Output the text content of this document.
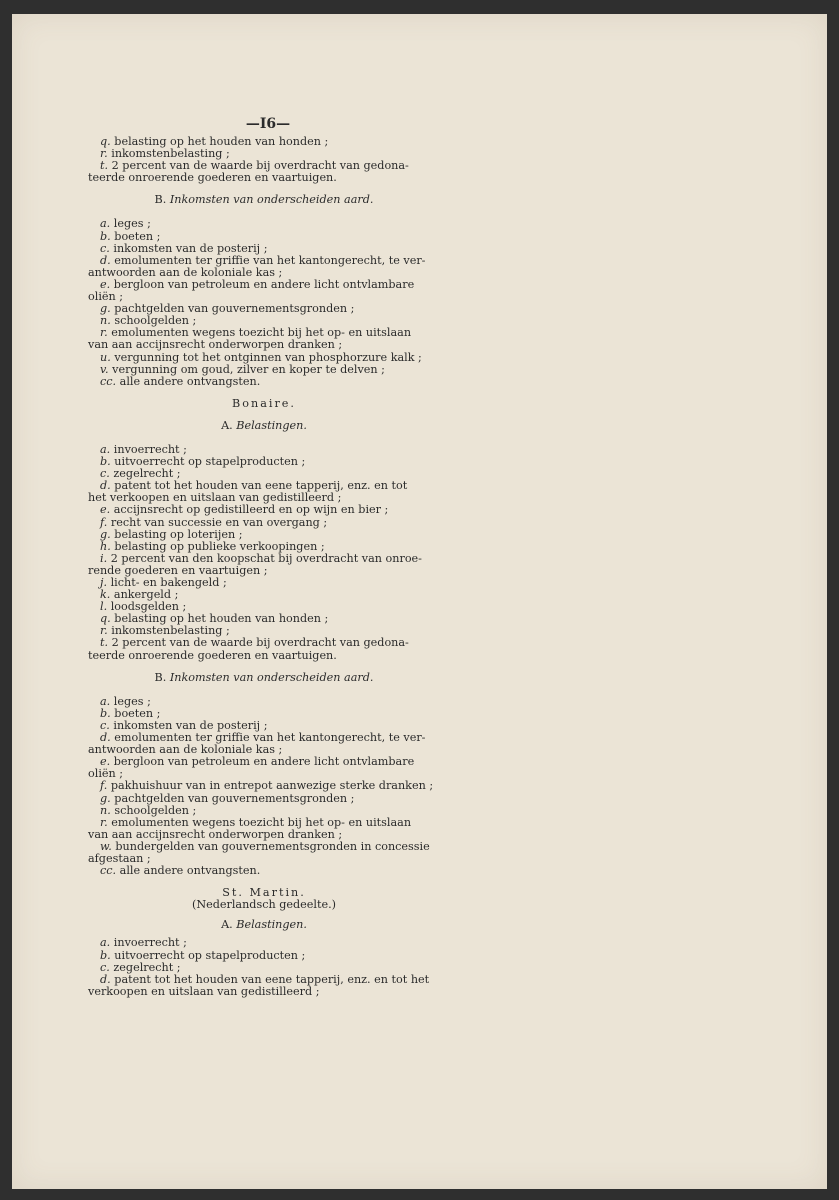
—I6—
q. belasting op het houden van honden ;
r. inkomstenbelasting ;
t. 2 percent van de waarde bij overdracht van gedona-
teerde onroerende goederen en vaartuigen.
B. Inkomsten van onderscheiden aard.
a. leges ;
b. boeten ;
c. inkomsten van de posterij ;
d. emolumenten ter griffie van het kantongerecht, te ver-
antwoorden aan de koloniale kas ;
e. bergloon van petroleum en andere licht ontvlambare
oliën ;
g. pachtgelden van gouvernementsgronden ;
n. schoolgelden ;
r. emolumenten wegens toezicht bij het op- en uitslaan
van aan accijnsrecht onderworpen dranken ;
u. vergunning tot het ontginnen van phosphorzure kalk ;
v. vergunning om goud, zilver en koper te delven ;
cc. alle andere ontvangsten.
Bonaire.
A. Belastingen.
a. invoerrecht ;
b. uitvoerrecht op stapelproducten ;
c. zegelrecht ;
d. patent tot het houden van eene tapperij, enz. en tot
het verkoopen en uitslaan van gedistilleerd ;
e. accijnsrecht op gedistilleerd en op wijn en bier ;
f. recht van successie en van overgang ;
g. belasting op loterijen ;
h. belasting op publieke verkoopingen ;
i. 2 percent van den koopschat bij overdracht van onroe-
rende goederen en vaartuigen ;
j. licht- en bakengeld ;
k. ankergeld ;
l. loodsgelden ;
q. belasting op het houden van honden ;
r. inkomstenbelasting ;
t. 2 percent van de waarde bij overdracht van gedona-
teerde onroerende goederen en vaartuigen.
B. Inkomsten van onderscheiden aard.
a. leges ;
b. boeten ;
c. inkomsten van de posterij ;
d. emolumenten ter griffie van het kantongerecht, te ver-
antwoorden aan de koloniale kas ;
e. bergloon van petroleum en andere licht ontvlambare
oliën ;
f. pakhuishuur van in entrepot aanwezige sterke dranken ;
g. pachtgelden van gouvernementsgronden ;
n. schoolgelden ;
r. emolumenten wegens toezicht bij het op- en uitslaan
van aan accijnsrecht onderworpen dranken ;
w. bundergelden van gouvernementsgronden in concessie
afgestaan ;
cc. alle andere ontvangsten.
St. Martin.
(Nederlandsch gedeelte.)
A. Belastingen.
a. invoerrecht ;
b. uitvoerrecht op stapelproducten ;
c. zegelrecht ;
d. patent tot het houden van eene tapperij, enz. en tot het
verkoopen en uitslaan van gedistilleerd ;
